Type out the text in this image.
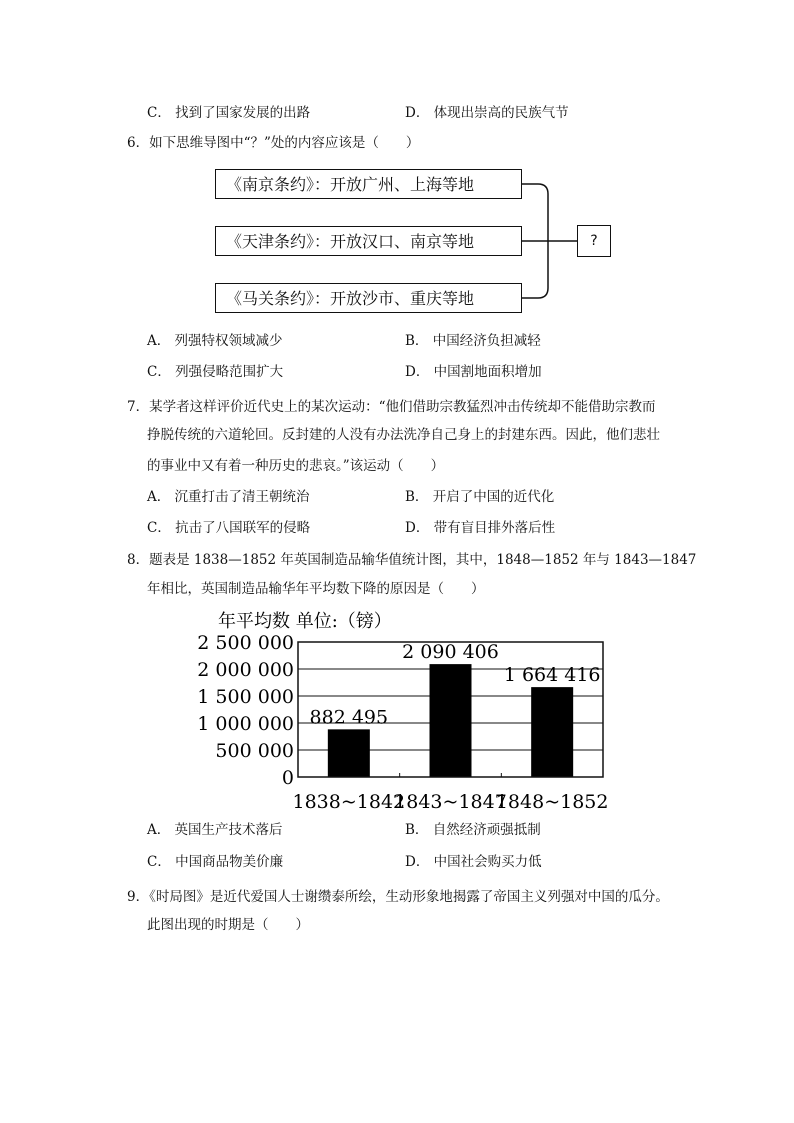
C． 找到了国家发展的出路	D． 体现出崇高的民族气节
6．如下思维导图中“？”处的内容应该是（　　）
《南京条约》：开放广州、上海等地
《天津条约》：开放汉口、南京等地
《马关条约》：开放沙市、重庆等地
?
A． 列强特权领域减少	B． 中国经济负担减轻
C． 列强侵略范围扩大	D． 中国割地面积增加
7．某学者这样评价近代史上的某次运动：“他们借助宗教猛烈冲击传统却不能借助宗教而
挣脱传统的六道轮回。反封建的人没有办法洗净自己身上的封建东西。因此，他们悲壮
的事业中又有着一种历史的悲哀。”该运动（　　）
A． 沉重打击了清王朝统治	B． 开启了中国的近代化
C． 抗击了八国联军的侵略	D． 带有盲目排外落后性
8．题表是 1838—1852 年英国制造品输华值统计图，其中，1848—1852 年与 1843—1847
年相比，英国制造品输华年平均数下降的原因是（　　）
年平均数 单位:（镑）
0
500 000
1 000 000
1 500 000
2 000 000
2 500 000
882 495
2 090 406
1 664 416
1838~1842
1843~1847
1848~1852
A． 英国生产技术落后	B． 自然经济顽强抵制
C． 中国商品物美价廉	D． 中国社会购买力低
9．《时局图》是近代爱国人士谢缵泰所绘，生动形象地揭露了帝国主义列强对中国的瓜分。
此图出现的时期是（　　）
